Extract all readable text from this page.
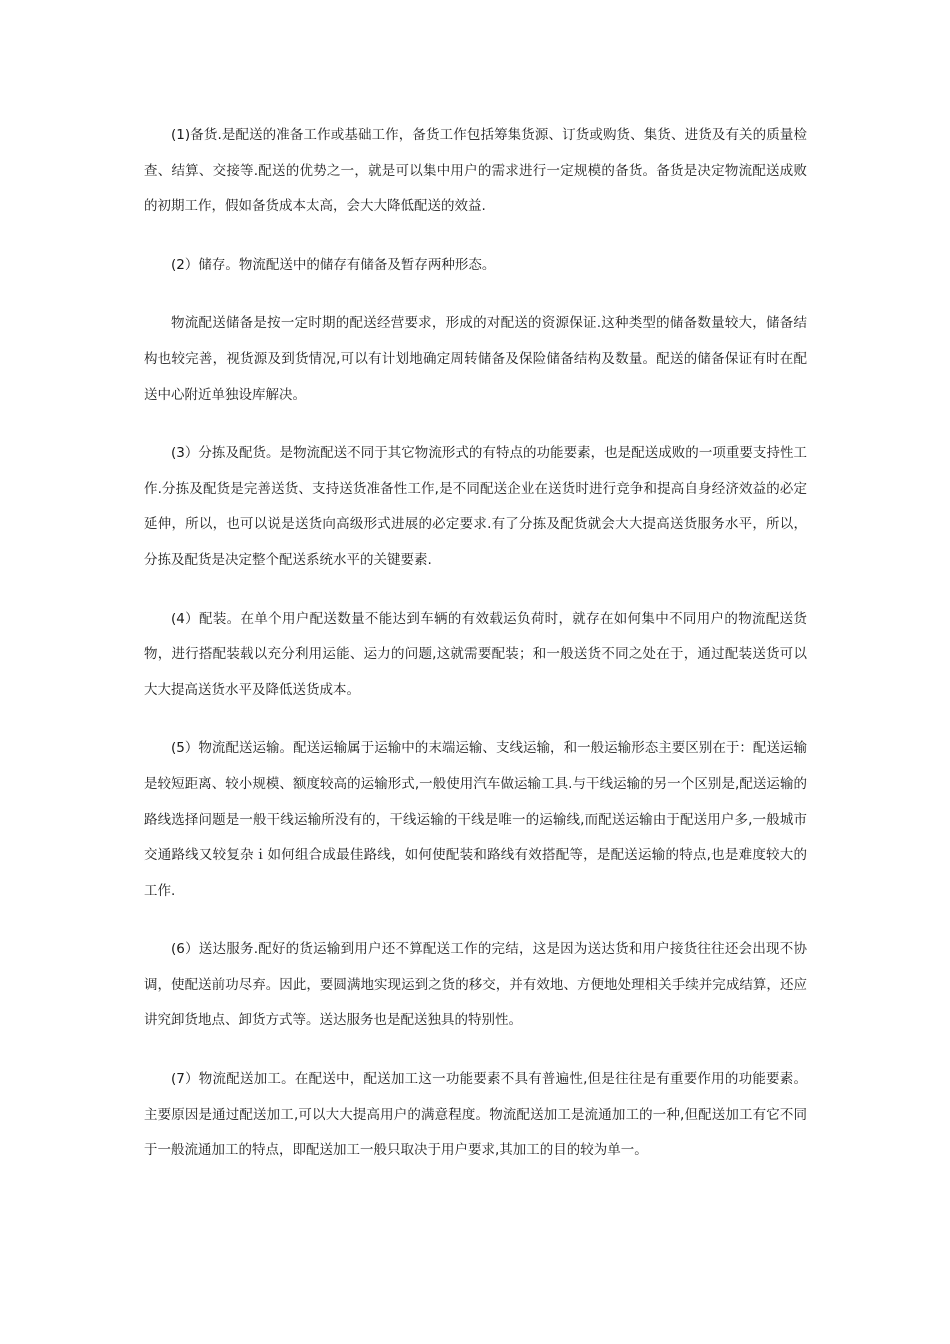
(1)备货.是配送的准备工作或基础工作，备货工作包括筹集货源、订货或购货、集货、进货及有关的质量检查、结算、交接等.配送的优势之一，就是可以集中用户的需求进行一定规模的备货。备货是决定物流配送成败的初期工作，假如备货成本太高，会大大降低配送的效益.

(2）储存。物流配送中的储存有储备及暂存两种形态。

物流配送储备是按一定时期的配送经营要求，形成的对配送的资源保证.这种类型的储备数量较大，储备结构也较完善，视货源及到货情况,可以有计划地确定周转储备及保险储备结构及数量。配送的储备保证有时在配送中心附近单独设库解决。

(3）分拣及配货。是物流配送不同于其它物流形式的有特点的功能要素，也是配送成败的一项重要支持性工作.分拣及配货是完善送货、支持送货准备性工作,是不同配送企业在送货时进行竞争和提高自身经济效益的必定延伸，所以，也可以说是送货向高级形式进展的必定要求.有了分拣及配货就会大大提高送货服务水平，所以，分拣及配货是决定整个配送系统水平的关键要素.

(4）配装。在单个用户配送数量不能达到车辆的有效载运负荷时，就存在如何集中不同用户的物流配送货物，进行搭配装载以充分利用运能、运力的问题,这就需要配装；和一般送货不同之处在于，通过配装送货可以大大提高送货水平及降低送货成本。

(5）物流配送运输。配送运输属于运输中的末端运输、支线运输，和一般运输形态主要区别在于：配送运输是较短距离、较小规模、额度较高的运输形式,一般使用汽车做运输工具.与干线运输的另一个区别是,配送运输的路线选择问题是一般干线运输所没有的，干线运输的干线是唯一的运输线,而配送运输由于配送用户多,一般城市交通路线又较复杂ｉ如何组合成最佳路线，如何使配装和路线有效搭配等，是配送运输的特点,也是难度较大的工作.

(6）送达服务.配好的货运输到用户还不算配送工作的完结，这是因为送达货和用户接货往往还会出现不协调，使配送前功尽弃。因此，要圆满地实现运到之货的移交，并有效地、方便地处理相关手续并完成结算，还应讲究卸货地点、卸货方式等。送达服务也是配送独具的特别性。

(7）物流配送加工。在配送中，配送加工这一功能要素不具有普遍性,但是往往是有重要作用的功能要素。主要原因是通过配送加工,可以大大提高用户的满意程度。物流配送加工是流通加工的一种,但配送加工有它不同于一般流通加工的特点，即配送加工一般只取决于用户要求,其加工的目的较为单一。
